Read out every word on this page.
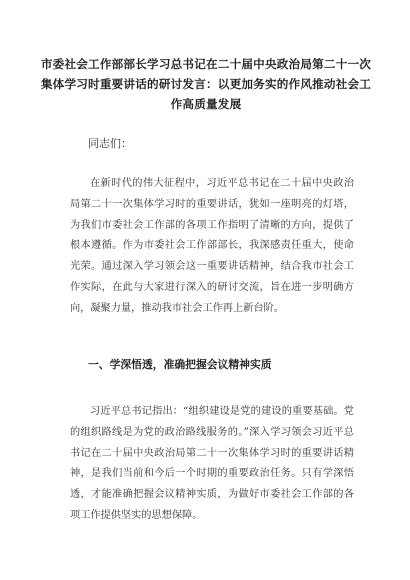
市委社会工作部部长学习总书记在二十届中央政治局第二十一次集体学习时重要讲话的研讨发言：以更加务实的作风推动社会工作高质量发展

同志们：

在新时代的伟大征程中，习近平总书记在二十届中央政治局第二十一次集体学习时的重要讲话，犹如一座明亮的灯塔，为我们市委社会工作部的各项工作指明了清晰的方向，提供了根本遵循。作为市委社会工作部部长，我深感责任重大，使命光荣。通过深入学习领会这一重要讲话精神，结合我市社会工作实际，在此与大家进行深入的研讨交流，旨在进一步明确方向，凝聚力量，推动我市社会工作再上新台阶。

一、学深悟透，准确把握会议精神实质

习近平总书记指出：“组织建设是党的建设的重要基础。党的组织路线是为党的政治路线服务的。”深入学习领会习近平总书记在二十届中央政治局第二十一次集体学习时的重要讲话精神，是我们当前和今后一个时期的重要政治任务。只有学深悟透，才能准确把握会议精神实质，为做好市委社会工作部的各项工作提供坚实的思想保障。
